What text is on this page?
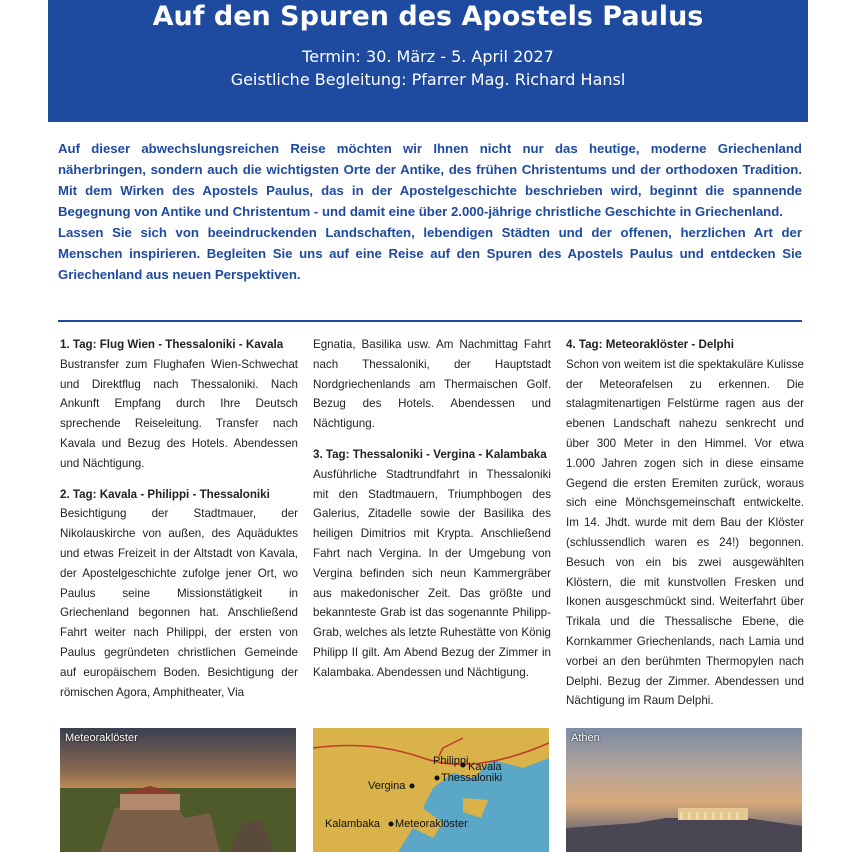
Auf den Spuren des Apostels Paulus
Termin: 30. März - 5. April 2027
Geistliche Begleitung: Pfarrer Mag. Richard Hansl

Auf dieser abwechslungsreichen Reise möchten wir Ihnen nicht nur das heutige, moderne Griechenland näherbringen, sondern auch die wichtigsten Orte der Antike, des frühen Christentums und der orthodoxen Tradition. Mit dem Wirken des Apostels Paulus, das in der Apostelgeschichte beschrieben wird, beginnt die spannende Begegnung von Antike und Christentum - und damit eine über 2.000-jährige christliche Geschichte in Griechenland.

Lassen Sie sich von beeindruckenden Landschaften, lebendigen Städten und der offenen, herzlichen Art der Menschen inspirieren. Begleiten Sie uns auf eine Reise auf den Spuren des Apostels Paulus und entdecken Sie Griechenland aus neuen Perspektiven.

1. Tag: Flug Wien - Thessaloniki - Kavala
Bustransfer zum Flughafen Wien-Schwechat und Direktflug nach Thessaloniki. Nach Ankunft Empfang durch Ihre Deutsch sprechende Reiseleitung. Transfer nach Kavala und Bezug des Hotels. Abendessen und Nächtigung.
2. Tag: Kavala - Philippi - Thessaloniki
Besichtigung der Stadtmauer, der Nikolauskirche von außen, des Aquäduktes und etwas Freizeit in der Altstadt von Kavala, der Apostelgeschichte zufolge jener Ort, wo Paulus seine Missionstätigkeit in Griechenland begonnen hat. Anschließend Fahrt weiter nach Philippi, der ersten von Paulus gegründeten christlichen Gemeinde auf europäischem Boden. Besichtigung der römischen Agora, Amphitheater, Via
Egnatia, Basilika usw. Am Nachmittag Fahrt nach Thessaloniki, der Hauptstadt Nordgriechenlands am Thermaischen Golf. Bezug des Hotels. Abendessen und Nächtigung.
3. Tag: Thessaloniki - Vergina - Kalambaka
Ausführliche Stadtrundfahrt in Thessaloniki mit den Stadtmauern, Triumphbogen des Galerius, Zitadelle sowie der Basilika des heiligen Dimitrios mit Krypta. Anschließend Fahrt nach Vergina. In der Umgebung von Vergina befinden sich neun Kammergräber aus makedonischer Zeit. Das größte und bekannteste Grab ist das sogenannte Philipp-Grab, welches als letzte Ruhestätte von König Philipp II gilt. Am Abend Bezug der Zimmer in Kalambaka. Abendessen und Nächtigung.
4. Tag: Meteoraklöster - Delphi
Schon von weitem ist die spektakuläre Kulisse der Meteorafelsen zu erkennen. Die stalagmitenartigen Felstürme ragen aus der ebenen Landschaft nahezu senkrecht und über 300 Meter in den Himmel. Vor etwa 1.000 Jahren zogen sich in diese einsame Gegend die ersten Eremiten zurück, woraus sich eine Mönchsgemeinschaft entwickelte. Im 14. Jhdt. wurde mit dem Bau der Klöster (schlussendlich waren es 24!) begonnen. Besuch von ein bis zwei ausgewählten Klöstern, die mit kunstvollen Fresken und Ikonen ausgeschmückt sind. Weiterfahrt über Trikala und die Thessalische Ebene, die Kornkammer Griechenlands, nach Lamia und vorbei an den berühmten Thermopylen nach Delphi. Bezug der Zimmer. Abendessen und Nächtigung im Raum Delphi.
Meteoraklöster
Philippi Kavala
Thessaloniki
Vergina
Kalambaka Meteoraklöster
Athen
